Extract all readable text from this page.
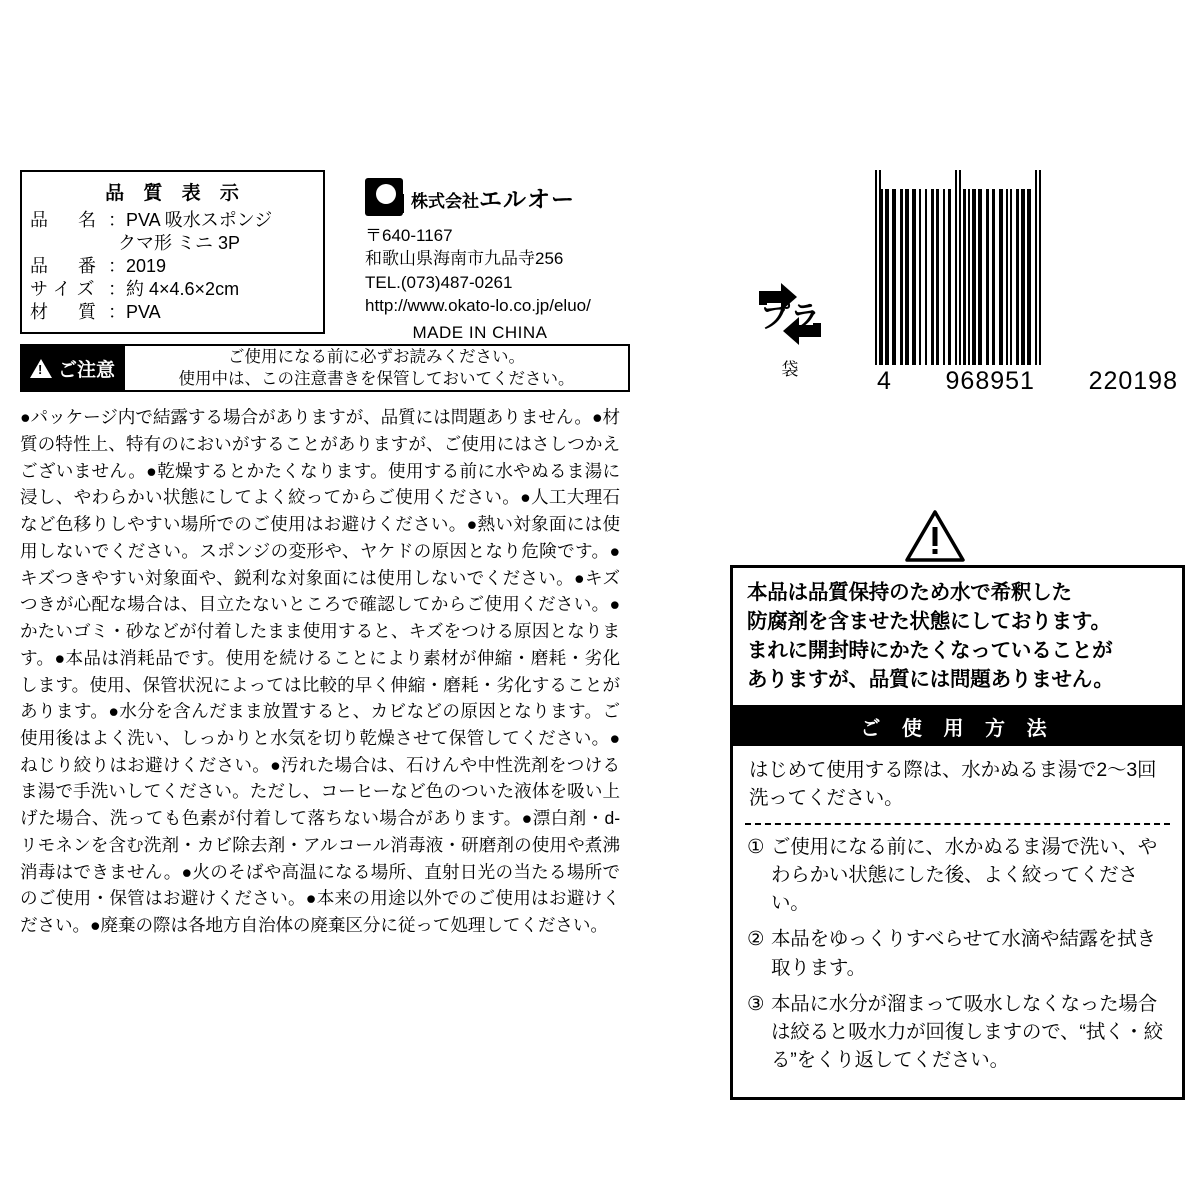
品 質 表 示
品　名 ： PVA 吸水スポンジ
クマ形 ミニ 3P
品　番 ： 2019
サイズ ： 約 4×4.6×2cm
材　質 ： PVA
株式会社エルオー
〒640-1167
和歌山県海南市九品寺256
TEL.(073)487-0261
http://www.okato-lo.co.jp/eluo/
MADE IN CHINA
!
ご注意
ご使用になる前に必ずお読みください。
使用中は、この注意書きを保管しておいてください。
●パッケージ内で結露する場合がありますが、品質には問題ありません。●材質の特性上、特有のにおいがすることがありますが、ご使用にはさしつかえございません。●乾燥するとかたくなります。使用する前に水やぬるま湯に浸し、やわらかい状態にしてよく絞ってからご使用ください。●人工大理石など色移りしやすい場所でのご使用はお避けください。●熱い対象面には使用しないでください。スポンジの変形や、ヤケドの原因となり危険です。●キズつきやすい対象面や、鋭利な対象面には使用しないでください。●キズつきが心配な場合は、目立たないところで確認してからご使用ください。●かたいゴミ・砂などが付着したまま使用すると、キズをつける原因となります。●本品は消耗品です。使用を続けることにより素材が伸縮・磨耗・劣化します。使用、保管状況によっては比較的早く伸縮・磨耗・劣化することがあります。●水分を含んだまま放置すると、カビなどの原因となります。ご使用後はよく洗い、しっかりと水気を切り乾燥させて保管してください。●ねじり絞りはお避けください。●汚れた場合は、石けんや中性洗剤をつけるま湯で手洗いしてください。ただし、コーヒーなど色のついた液体を吸い上げた場合、洗っても色素が付着して落ちない場合があります。●漂白剤・d-リモネンを含む洗剤・カビ除去剤・アルコール消毒液・研磨剤の使用や煮沸消毒はできません。●火のそばや高温になる場所、直射日光の当たる場所でのご使用・保管はお避けください。●本来の用途以外でのご使用はお避けください。●廃棄の際は各地方自治体の廃棄区分に従って処理してください。
4 968951 220198
プラ
袋
本品は品質保持のため水で希釈した
防腐剤を含ませた状態にしております。
まれに開封時にかたくなっていることが
ありますが、品質には問題ありません。
ご 使 用 方 法
はじめて使用する際は、水かぬるま湯で2～3回洗ってください。
① ご使用になる前に、水かぬるま湯で洗い、やわらかい状態にした後、よく絞ってください。
② 本品をゆっくりすべらせて水滴や結露を拭き取ります。
③ 本品に水分が溜まって吸水しなくなった場合は絞ると吸水力が回復しますので、“拭く・絞る”をくり返してください。
